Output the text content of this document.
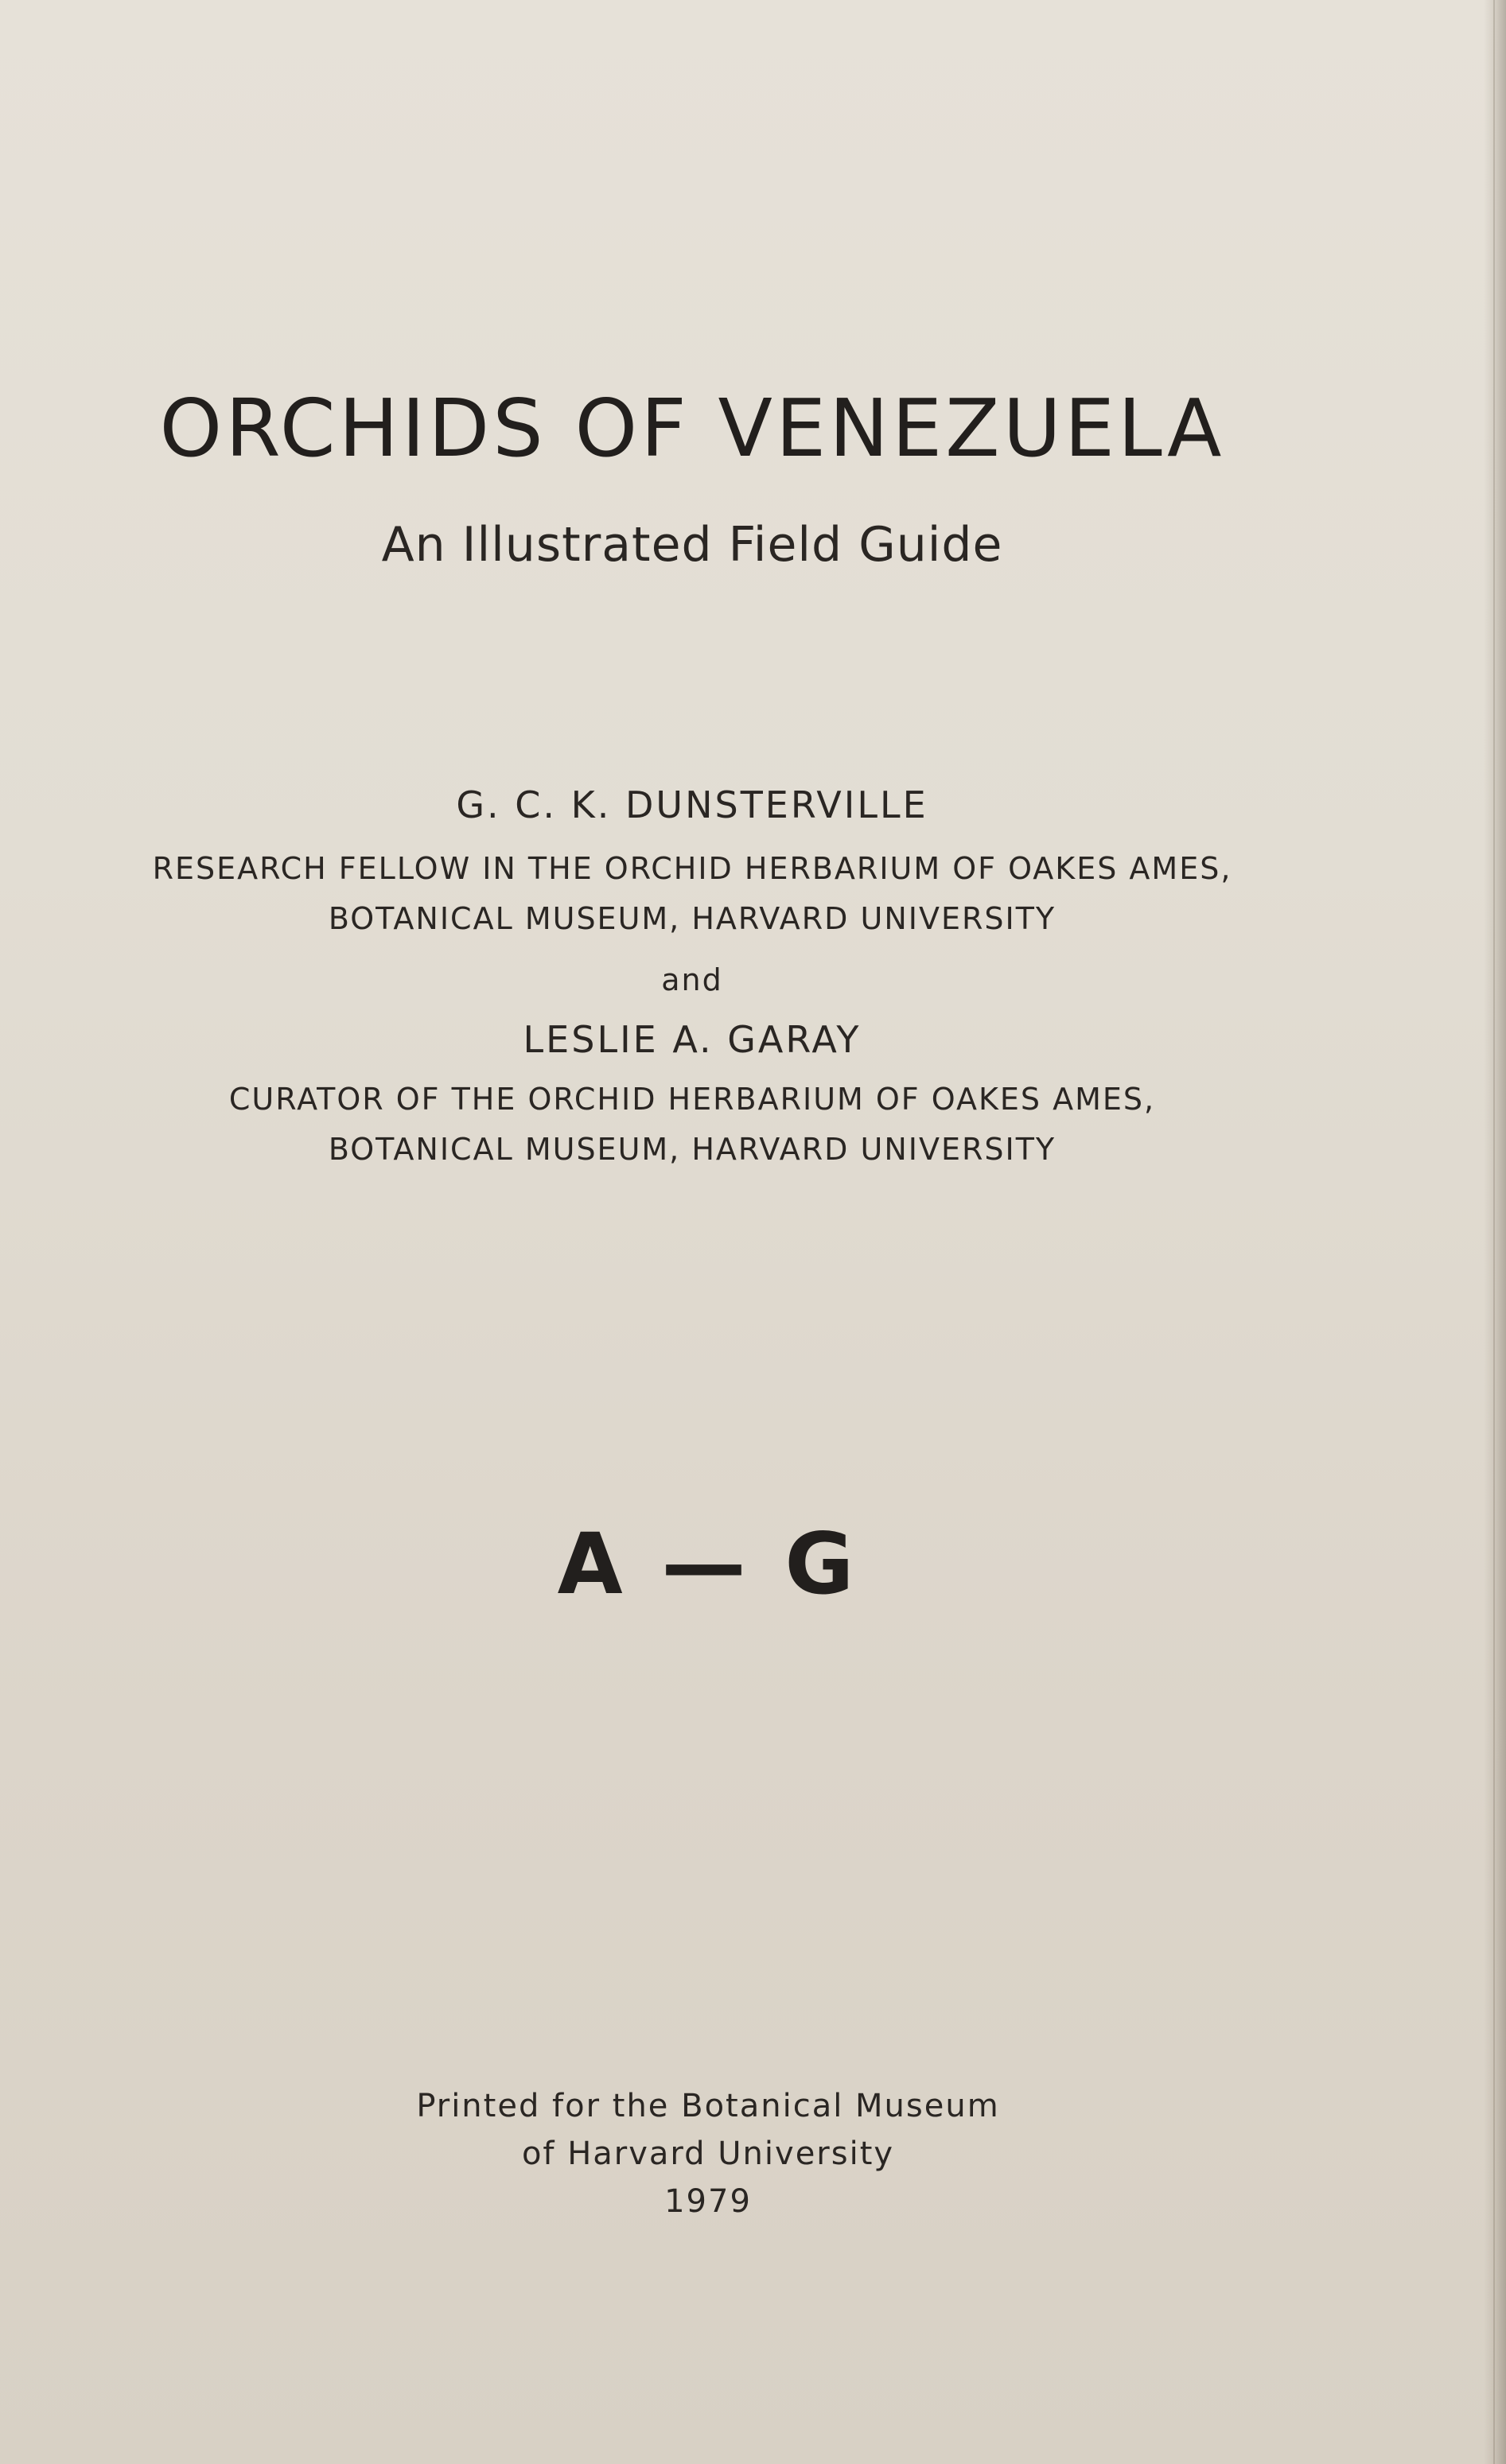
ORCHIDS OF VENEZUELA
An Illustrated Field Guide
G. C. K. DUNSTERVILLE
RESEARCH FELLOW IN THE ORCHID HERBARIUM OF OAKES AMES,
BOTANICAL MUSEUM, HARVARD UNIVERSITY
and
LESLIE A. GARAY
CURATOR OF THE ORCHID HERBARIUM OF OAKES AMES,
BOTANICAL MUSEUM, HARVARD UNIVERSITY
A — G
Printed for the Botanical Museum
of Harvard University
1979
